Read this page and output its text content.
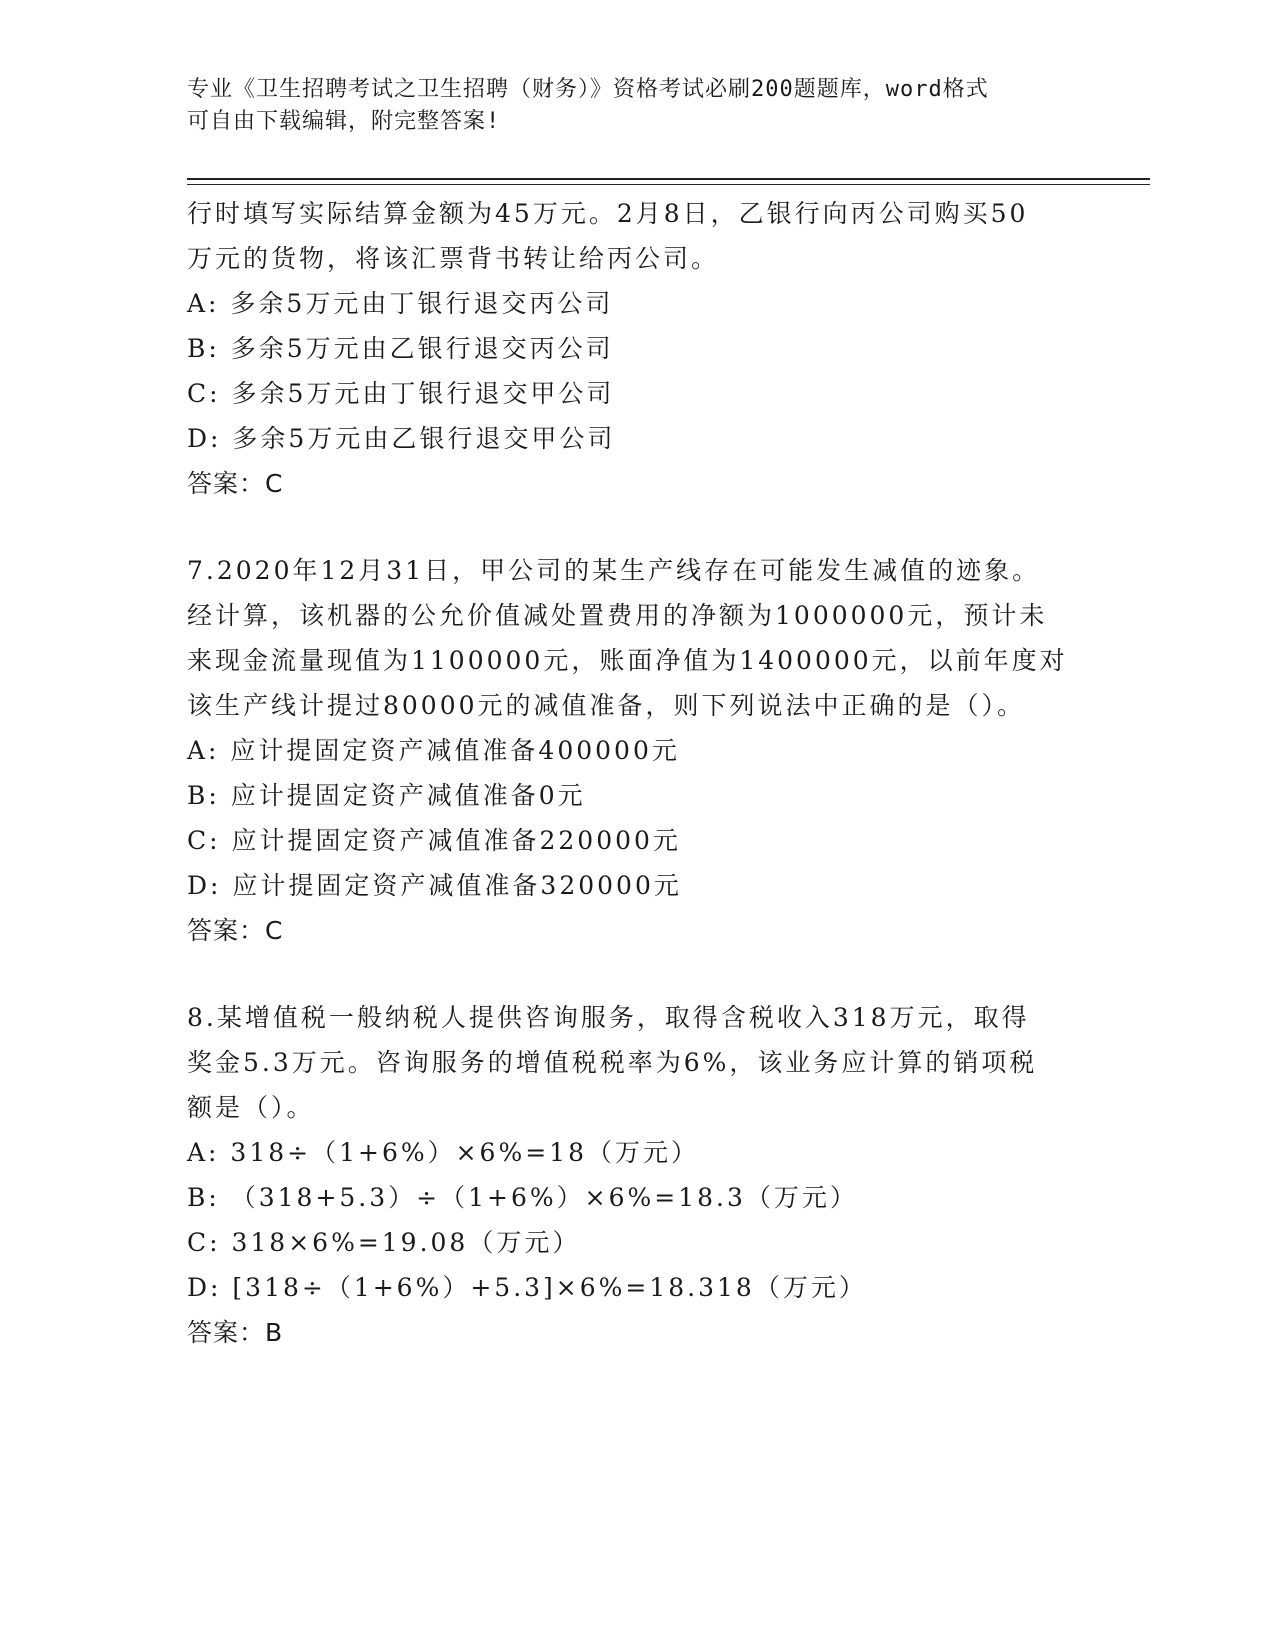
专业《卫生招聘考试之卫生招聘（财务）》资格考试必刷200题题库，word格式
可自由下载编辑，附完整答案!
行时填写实际结算金额为45万元。2月8日，乙银行向丙公司购买50
万元的货物，将该汇票背书转让给丙公司。
A: 多余5万元由丁银行退交丙公司
B: 多余5万元由乙银行退交丙公司
C: 多余5万元由丁银行退交甲公司
D: 多余5万元由乙银行退交甲公司
答案：C
7.2020年12月31日，甲公司的某生产线存在可能发生减值的迹象。
经计算，该机器的公允价值减处置费用的净额为1000000元，预计未
来现金流量现值为1100000元，账面净值为1400000元，以前年度对
该生产线计提过80000元的减值准备，则下列说法中正确的是（）。
A: 应计提固定资产减值准备400000元
B: 应计提固定资产减值准备0元
C: 应计提固定资产减值准备220000元
D: 应计提固定资产减值准备320000元
答案：C
8.某增值税一般纳税人提供咨询服务，取得含税收入318万元，取得
奖金5.3万元。咨询服务的增值税税率为6%，该业务应计算的销项税
额是（）。
A: 318÷（1+6%）×6%=18（万元）
B: （318+5.3）÷（1+6%）×6%=18.3（万元）
C: 318×6%=19.08（万元）
D: [318÷（1+6%）+5.3]×6%=18.318（万元）
答案：B
